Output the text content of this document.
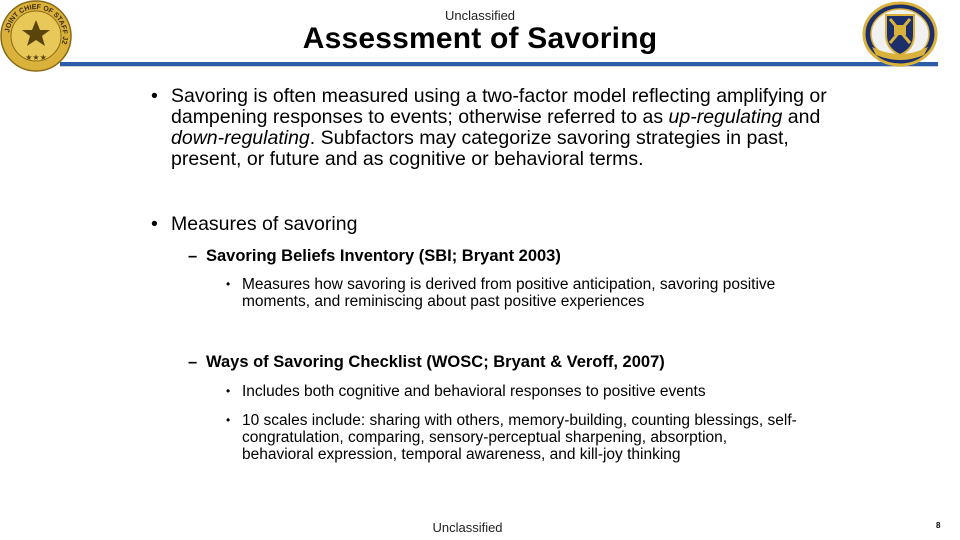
Unclassified
JOINT CHIEF OF STAFF J2
★★★
Assessment of Savoring

• Savoring is often measured using a two-factor model reflecting amplifying or dampening responses to events; otherwise referred to as up-regulating and down-regulating. Subfactors may categorize savoring strategies in past, present, or future and as cognitive or behavioral terms.

• Measures of savoring
– Savoring Beliefs Inventory (SBI; Bryant 2003)
• Measures how savoring is derived from positive anticipation, savoring positive moments, and reminiscing about past positive experiences
– Ways of Savoring Checklist (WOSC; Bryant & Veroff, 2007)
• Includes both cognitive and behavioral responses to positive events
• 10 scales include: sharing with others, memory-building, counting blessings, self-congratulation, comparing, sensory-perceptual sharpening, absorption, behavioral expression, temporal awareness, and kill-joy thinking
Unclassified	8
